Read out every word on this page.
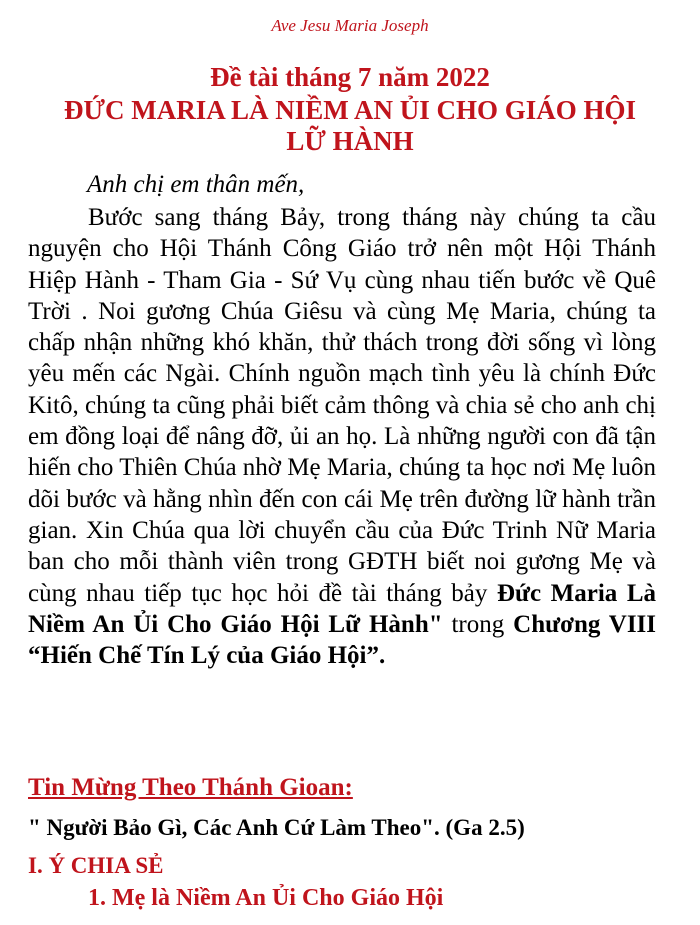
Ave Jesu Maria Joseph
Đề tài tháng 7 năm 2022
ĐỨC MARIA LÀ NIỀM AN ỦI CHO GIÁO HỘI
LỮ HÀNH
Anh chị em thân mến,
Bước sang tháng Bảy, trong tháng này chúng ta cầu nguyện cho Hội Thánh Công Giáo trở nên một Hội Thánh Hiệp Hành - Tham Gia - Sứ Vụ cùng nhau tiến bước về Quê Trời . Noi gương Chúa Giêsu và cùng Mẹ Maria, chúng ta chấp nhận những khó khăn, thử thách trong đời sống vì lòng yêu mến các Ngài. Chính nguồn mạch tình yêu là chính Đức Kitô, chúng ta cũng phải biết cảm thông và chia sẻ cho anh chị em đồng loại để nâng đỡ, ủi an họ. Là những người con đã tận hiến cho Thiên Chúa nhờ Mẹ Maria, chúng ta học nơi Mẹ luôn dõi bước và hằng nhìn đến con cái Mẹ trên đường lữ hành trần gian. Xin Chúa qua lời chuyển cầu của Đức Trinh Nữ Maria ban cho mỗi thành viên trong GĐTH biết noi gương Mẹ và cùng nhau tiếp tục học hỏi đề tài tháng bảy Đức Maria Là Niềm An Ủi Cho Giáo Hội Lữ Hành" trong Chương VIII “Hiến Chế Tín Lý của Giáo Hội”.
Tin Mừng Theo Thánh Gioan:
" Người Bảo Gì, Các Anh Cứ Làm Theo". (Ga 2.5)
I. Ý CHIA SẺ
1. Mẹ là Niềm An Ủi Cho Giáo Hội
